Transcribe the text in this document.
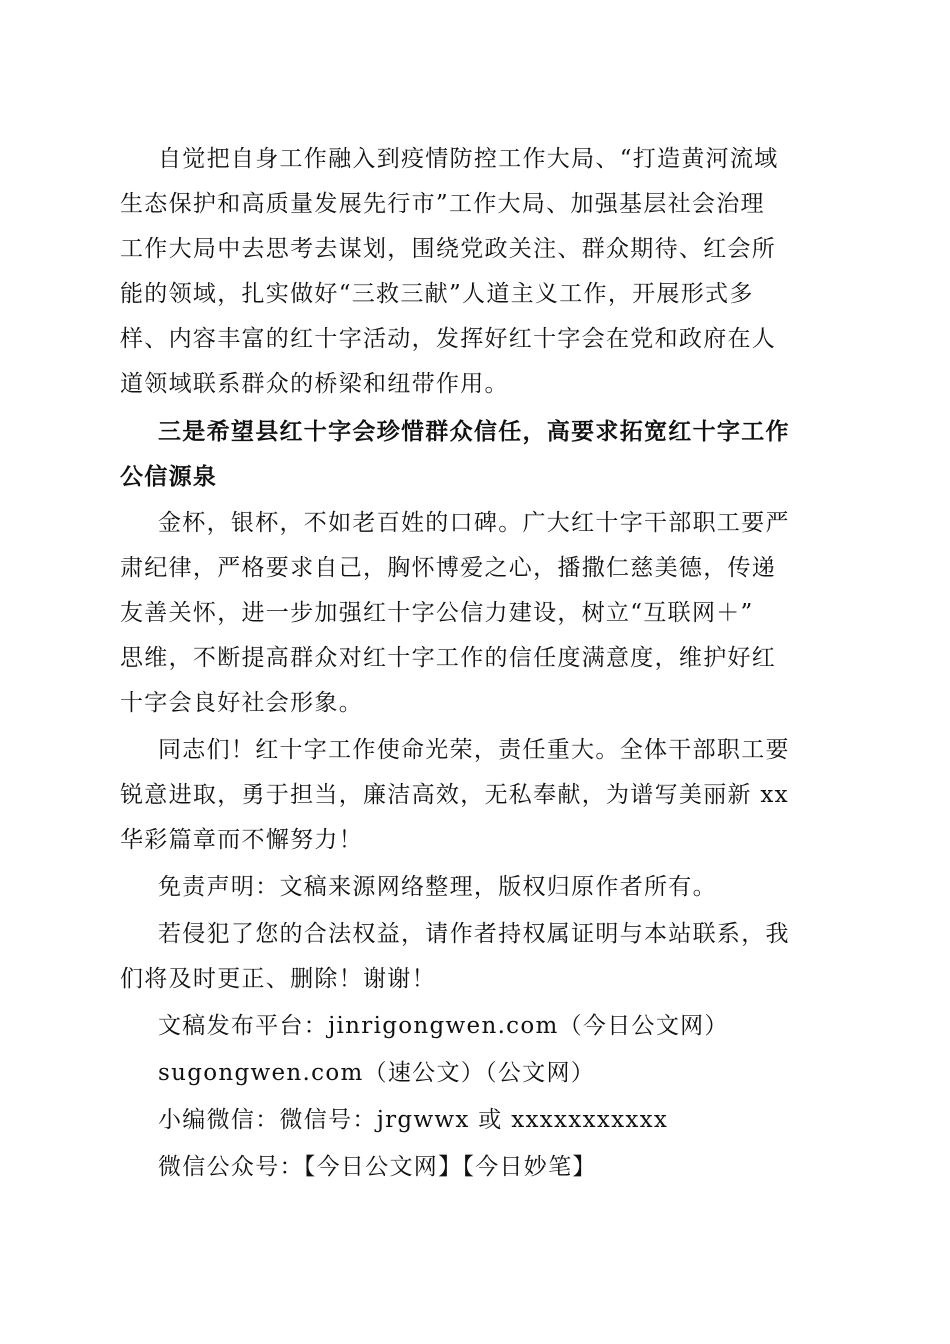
自觉把自身工作融入到疫情防控工作大局、“打造黄河流域
生态保护和高质量发展先行市”工作大局、加强基层社会治理
工作大局中去思考去谋划，围绕党政关注、群众期待、红会所
能的领域，扎实做好“三救三献”人道主义工作，开展形式多
样、内容丰富的红十字活动，发挥好红十字会在党和政府在人
道领域联系群众的桥梁和纽带作用。
三是希望县红十字会珍惜群众信任，高要求拓宽红十字工作
公信源泉
金杯，银杯，不如老百姓的口碑。广大红十字干部职工要严
肃纪律，严格要求自己，胸怀博爱之心，播撒仁慈美德，传递
友善关怀，进一步加强红十字公信力建设，树立“互联网＋”
思维，不断提高群众对红十字工作的信任度满意度，维护好红
十字会良好社会形象。
同志们！红十字工作使命光荣，责任重大。全体干部职工要
锐意进取，勇于担当，廉洁高效，无私奉献，为谱写美丽新 xx
华彩篇章而不懈努力！
免责声明：文稿来源网络整理，版权归原作者所有。
若侵犯了您的合法权益，请作者持权属证明与本站联系，我
们将及时更正、删除！谢谢！
文稿发布平台：jinrigongwen.com（今日公文网）
sugongwen.com（速公文）（公文网）
小编微信：微信号：jrgwwx 或 xxxxxxxxxxx
微信公众号：【今日公文网】【今日妙笔】
